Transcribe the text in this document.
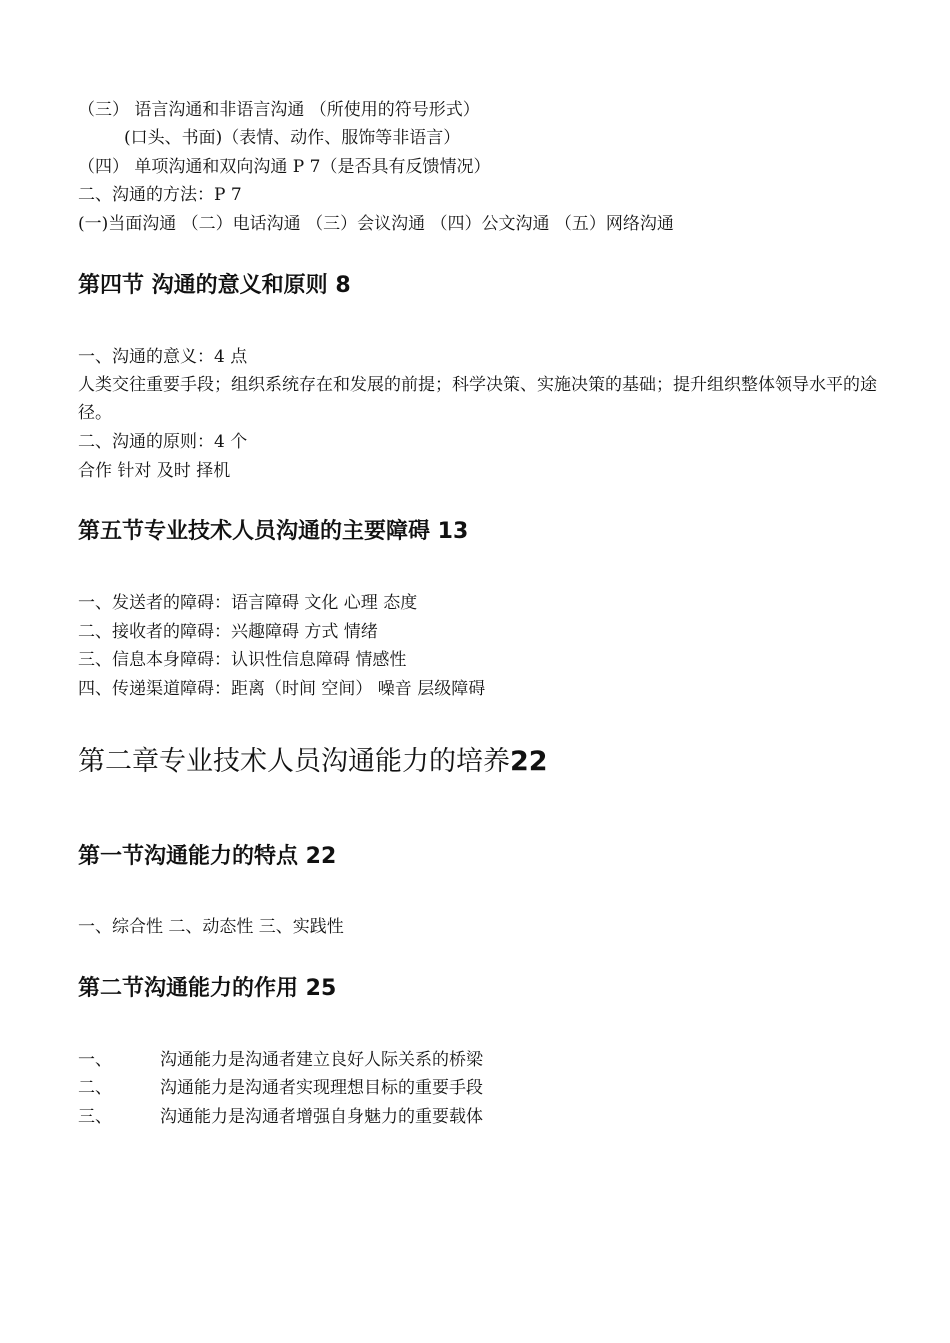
（三） 语言沟通和非语言沟通 （所使用的符号形式）

(口头、书面)（表情、动作、服饰等非语言）

（四） 单项沟通和双向沟通 P 7（是否具有反馈情况）

二、沟通的方法：P 7

(一)当面沟通 （二）电话沟通 （三）会议沟通 （四）公文沟通 （五）网络沟通

第四节 沟通的意义和原则 8

一、沟通的意义：4 点

人类交往重要手段；组织系统存在和发展的前提；科学决策、实施决策的基础；提升组织整体领导水平的途径。

二、沟通的原则：4 个

合作 针对 及时 择机

第五节专业技术人员沟通的主要障碍 13

一、发送者的障碍：语言障碍 文化 心理 态度

二、接收者的障碍：兴趣障碍 方式 情绪

三、信息本身障碍：认识性信息障碍 情感性

四、传递渠道障碍：距离（时间 空间） 噪音 层级障碍

第二章专业技术人员沟通能力的培养22
第一节沟通能力的特点 22

一、综合性 二、动态性 三、实践性

第二节沟通能力的作用 25

一、	沟通能力是沟通者建立良好人际关系的桥梁

二、	沟通能力是沟通者实现理想目标的重要手段

三、	沟通能力是沟通者增强自身魅力的重要载体
